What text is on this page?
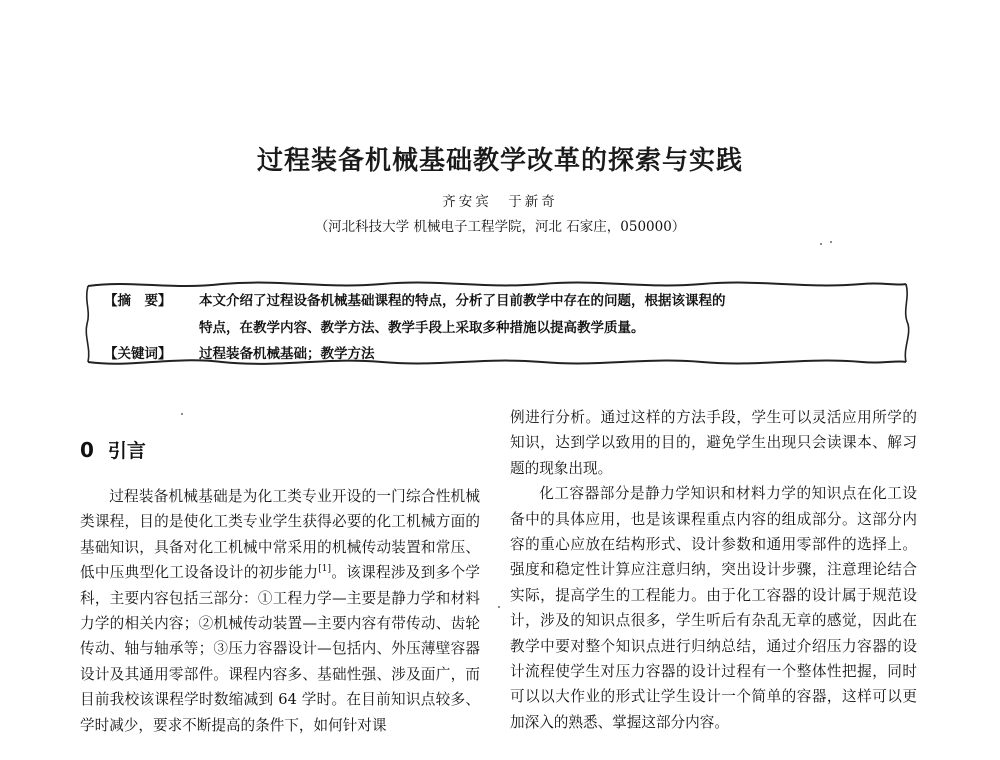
过程装备机械基础教学改革的探索与实践
齐安宾　于新奇
（河北科技大学 机械电子工程学院，河北 石家庄，050000）
【摘　要】 本文介绍了过程设备机械基础课程的特点，分析了目前教学中存在的问题，根据该课程的
特点，在教学内容、教学方法、教学手段上采取多种措施以提高教学质量。
【关键词】 过程装备机械基础；教学方法
0 引言

过程装备机械基础是为化工类专业开设的一门综合性机械类课程，目的是使化工类专业学生获得必要的化工机械方面的基础知识，具备对化工机械中常采用的机械传动装置和常压、低中压典型化工设备设计的初步能力[1]。该课程涉及到多个学科，主要内容包括三部分：①工程力学—主要是静力学和材料力学的相关内容；②机械传动装置—主要内容有带传动、齿轮传动、轴与轴承等；③压力容器设计—包括内、外压薄壁容器设计及其通用零部件。课程内容多、基础性强、涉及面广，而目前我校该课程学时数缩减到 64 学时。在目前知识点较多、学时减少，要求不断提高的条件下，如何针对课

例进行分析。通过这样的方法手段，学生可以灵活应用所学的知识，达到学以致用的目的，避免学生出现只会读课本、解习题的现象出现。

化工容器部分是静力学知识和材料力学的知识点在化工设备中的具体应用，也是该课程重点内容的组成部分。这部分内容的重心应放在结构形式、设计参数和通用零部件的选择上。强度和稳定性计算应注意归纳，突出设计步骤，注意理论结合实际，提高学生的工程能力。由于化工容器的设计属于规范设计，涉及的知识点很多，学生听后有杂乱无章的感觉，因此在教学中要对整个知识点进行归纳总结，通过介绍压力容器的设计流程使学生对压力容器的设计过程有一个整体性把握，同时可以以大作业的形式让学生设计一个简单的容器，这样可以更加深入的熟悉、掌握这部分内容。
